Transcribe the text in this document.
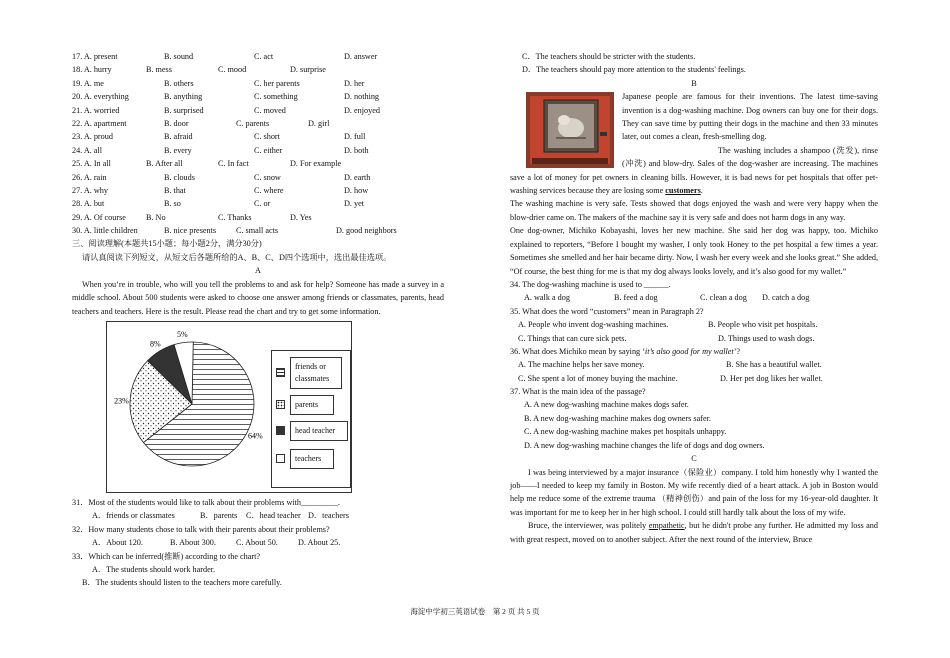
17. A. present	B. sound	C. act	D. answer
18. A. hurry	B. mess	C. mood	D. surprise
19. A. me	B. others	C. her parents	D. her
20. A. everything	B. anything	C. something	D. nothing
21. A. worried	B. surprised	C. moved	D. enjoyed
22. A. apartment	B. door	C. parents	D. girl
23. A. proud	B. afraid	C. short	D. full
24. A. all	B. every	C. either	D. both
25. A. In all	B. After all	C. In fact	D. For example
26. A. rain	B. clouds	C. snow	D. earth
27. A. why	B. that	C. where	D. how
28. A. but	B. so	C. or	D. yet
29. A. Of course B. No	C. Thanks	D. Yes
30. A. little children	B. nice presents C. small acts	D. good neighbors
三、阅读理解(本题共15小题；每小题2分，满分30分)
请认真阅读下列短文，从短文后各题所给的A、B、C、D四个选项中，选出最佳选项。
A
When you’re in trouble, who will you tell the problems to and ask for help? Someone has made a survey in a middle school. About 500 students were asked to choose one answer among friends or classmates, parents, head teachers and teachers. Here is the result. Please read the chart and try to get some information.
64%
23%
8%
5%
friends or classmates
parents
head teacher
teachers
31．Most of the students would like to talk about their problems with_________.
A．friends or classmates	B．parents C．head teacher D．teachers
32．How many students chose to talk with their parents about their problems?
A．About 120.	B. About 300. C. About 50. D. About 25.
33．Which can be inferred(推断) according to the chart?
A．The students should work harder.
B．The students should listen to the teachers more carefully.
C．The teachers should be stricter with the students.
D．The teachers should pay more attention to the students' feelings.
B
Japanese people are famous for their inventions. The latest time-saving invention is a dog-washing machine. Dog owners can buy one for their dogs. They can save time by putting their dogs in the machine and then 33 minutes later, out comes a clean, fresh-smelling dog.
The washing includes a shampoo (洗发), rinse (冲洗) and blow-dry. Sales of the dog-washer are increasing. The machines save a lot of money for pet owners in cleaning bills. However, it is bad news for pet hospitals that offer pet-washing services because they are losing some customers.
The washing machine is very safe. Tests showed that dogs enjoyed the wash and were very happy when the blow-drier came on. The makers of the machine say it is very safe and does not harm dogs in any way.
One dog-owner, Michiko Kobayashi, loves her new machine. She said her dog was happy, too. Michiko explained to reporters, “Before I bought my washer, I only took Honey to the pet hospital a few times a year. Sometimes she smelled and her hair became dirty. Now, I wash her every week and she looks great.” She added, “Of course, the best thing for me is that my dog always looks lovely, and it’s also good for my wallet.”
34. The dog-washing machine is used to ______.
A. walk a dog	B. feed a dog	C. clean a dog D. catch a dog
35. What does the word “customers” mean in Paragraph 2?
A. People who invent dog-washing machines.	B. People who visit pet hospitals.
C. Things that can cure sick pets.	D. Things used to wash dogs.
36. What does Michiko mean by saying ‘it’s also good for my wallet’?
A. The machine helps her save money.	B. She has a beautiful wallet.
C. She spent a lot of money buying the machine.	D. Her pet dog likes her wallet.
37. What is the main idea of the passage?
A. A new dog-washing machine makes dogs safer.
B. A new dog-washing machine makes dog owners safer.
C. A new dog-washing machine makes pet hospitals unhappy.
D. A new dog-washing machine changes the life of dogs and dog owners.
C
I was being interviewed by a major insurance（保险业）company. I told him honestly why I wanted the job——I needed to keep my family in Boston. My wife recently died of a heart attack. A job in Boston would help me reduce some of the extreme trauma （精神创伤）and pain of the loss for my 16-year-old daughter. It was important for me to keep her in her high school. I could still hardly talk about the loss of my wife.
Bruce, the interviewer, was politely empathetic, but he didn't probe any further. He admitted my loss and with great respect, moved on to another subject. After the next round of the interview, Bruce
海淀中学初三英语试卷　第 2 页 共 5 页
